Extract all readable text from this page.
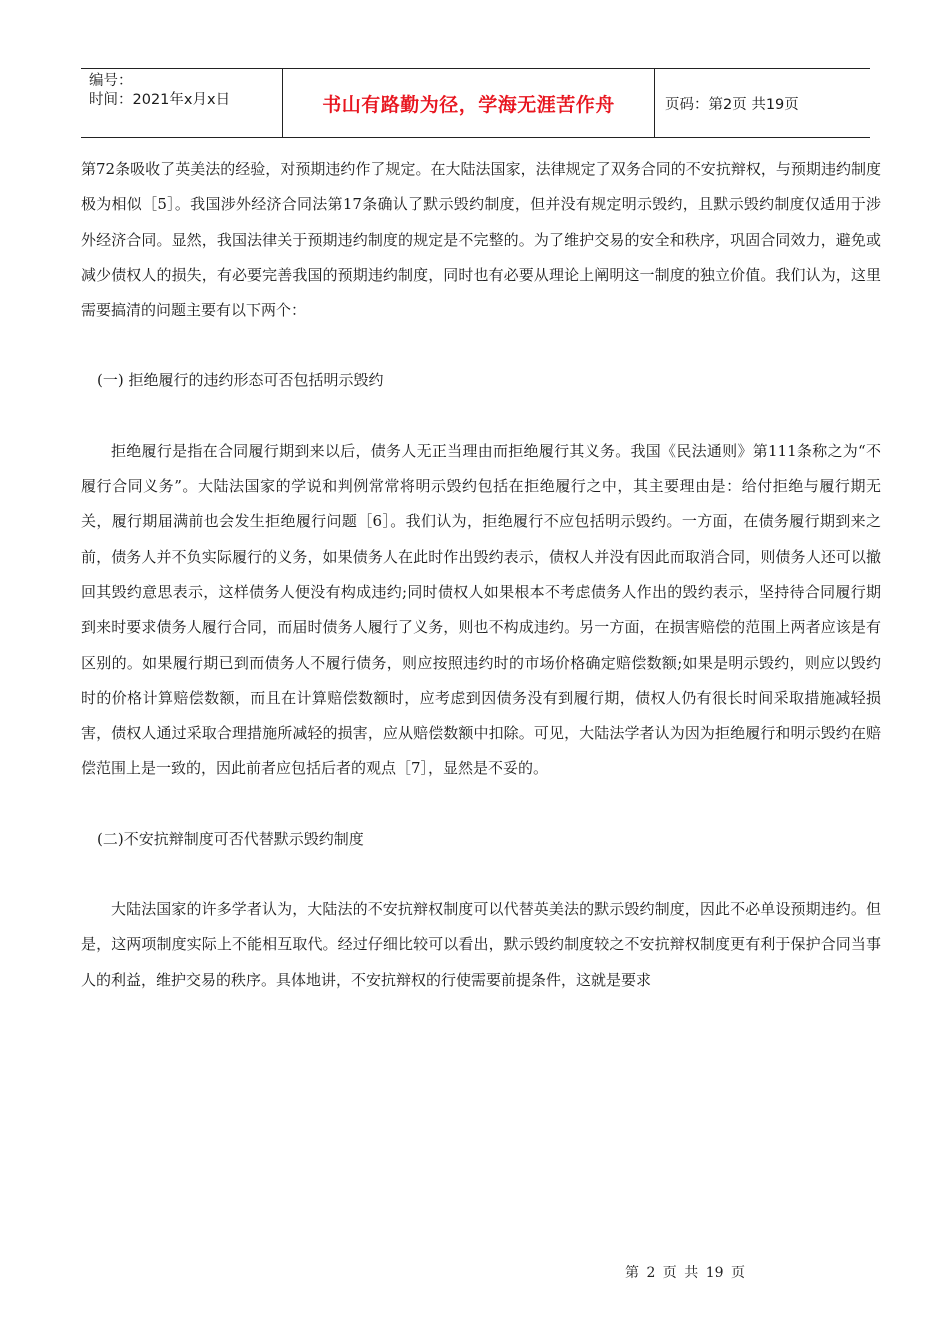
编号：
时间：2021年x月x日	书山有路勤为径，学海无涯苦作舟	页码：第2页 共19页

第72条吸收了英美法的经验，对预期违约作了规定。在大陆法国家，法律规定了双务合同的不安抗辩权，与预期违约制度极为相似［5］。我国涉外经济合同法第17条确认了默示毁约制度，但并没有规定明示毁约，且默示毁约制度仅适用于涉外经济合同。显然，我国法律关于预期违约制度的规定是不完整的。为了维护交易的安全和秩序，巩固合同效力，避免或减少债权人的损失，有必要完善我国的预期违约制度，同时也有必要从理论上阐明这一制度的独立价值。我们认为，这里需要搞清的问题主要有以下两个：

(一) 拒绝履行的违约形态可否包括明示毁约

拒绝履行是指在合同履行期到来以后，债务人无正当理由而拒绝履行其义务。我国《民法通则》第111条称之为“不履行合同义务”。大陆法国家的学说和判例常常将明示毁约包括在拒绝履行之中，其主要理由是：给付拒绝与履行期无关，履行期届满前也会发生拒绝履行问题［6］。我们认为，拒绝履行不应包括明示毁约。一方面，在债务履行期到来之前，债务人并不负实际履行的义务，如果债务人在此时作出毁约表示，债权人并没有因此而取消合同，则债务人还可以撤回其毁约意思表示，这样债务人便没有构成违约;同时债权人如果根本不考虑债务人作出的毁约表示，坚持待合同履行期到来时要求债务人履行合同，而届时债务人履行了义务，则也不构成违约。另一方面，在损害赔偿的范围上两者应该是有区别的。如果履行期已到而债务人不履行债务，则应按照违约时的市场价格确定赔偿数额;如果是明示毁约，则应以毁约时的价格计算赔偿数额，而且在计算赔偿数额时，应考虑到因债务没有到履行期，债权人仍有很长时间采取措施减轻损害，债权人通过采取合理措施所减轻的损害，应从赔偿数额中扣除。可见，大陆法学者认为因为拒绝履行和明示毁约在赔偿范围上是一致的，因此前者应包括后者的观点［7］，显然是不妥的。

(二)不安抗辩制度可否代替默示毁约制度

大陆法国家的许多学者认为，大陆法的不安抗辩权制度可以代替英美法的默示毁约制度，因此不必单设预期违约。但是，这两项制度实际上不能相互取代。经过仔细比较可以看出，默示毁约制度较之不安抗辩权制度更有利于保护合同当事人的利益，维护交易的秩序。具体地讲，不安抗辩权的行使需要前提条件，这就是要求

第 2 页 共 19 页
